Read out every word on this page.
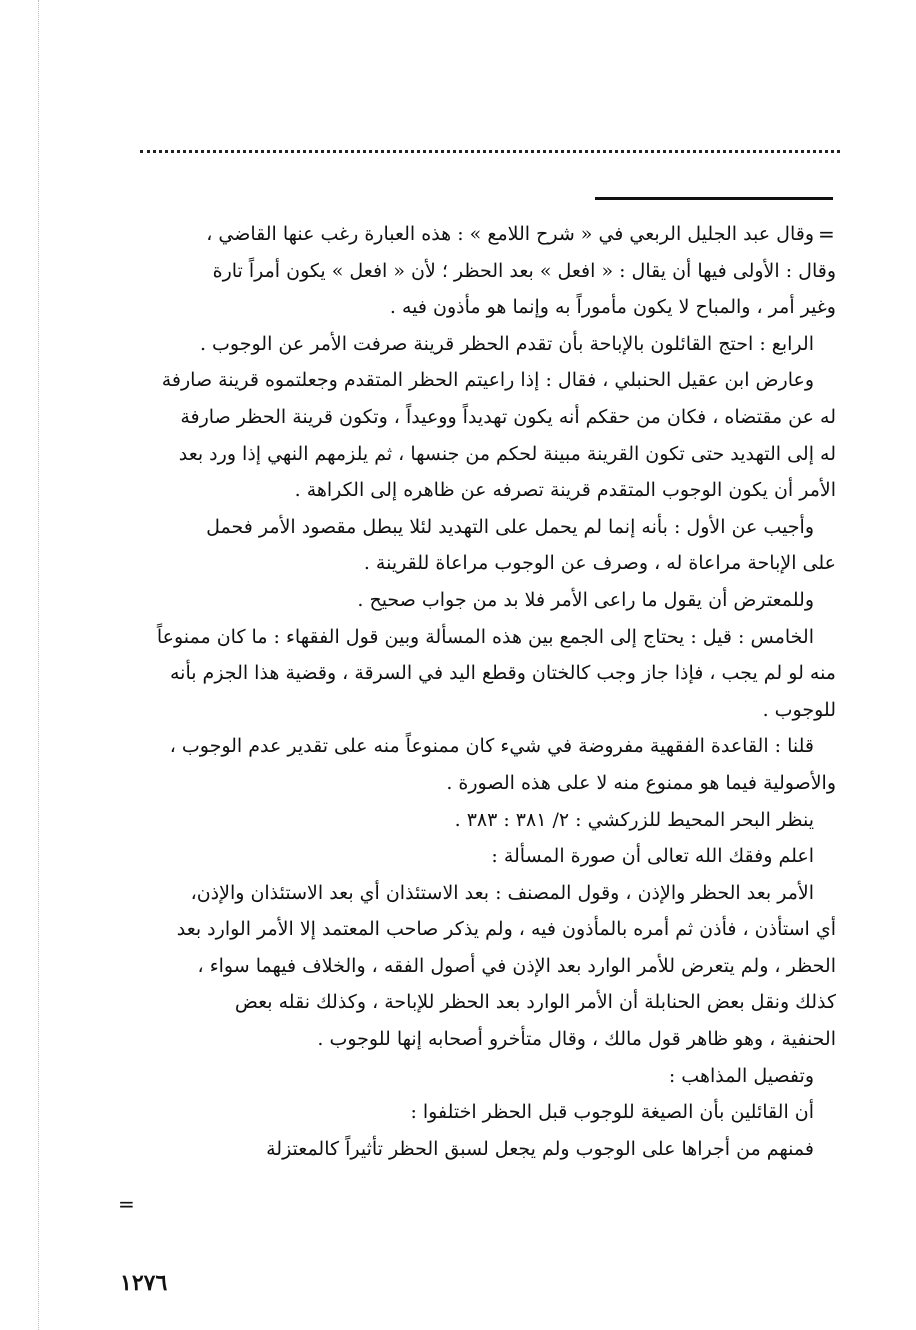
=
وقال عبد الجليل الربعي في « شرح اللامع » : هذه العبارة رغب عنها القاضي ،
وقال : الأولى فيها أن يقال : « افعل » بعد الحظر ؛ لأن « افعل » يكون أمراً تارة
وغير أمر ، والمباح لا يكون مأموراً به وإنما هو مأذون فيه .
الرابع : احتج القائلون بالإباحة بأن تقدم الحظر قرينة صرفت الأمر عن الوجوب .
وعارض ابن عقيل الحنبلي ، فقال : إذا راعيتم الحظر المتقدم وجعلتموه قرينة صارفة
له عن مقتضاه ، فكان من حقكم أنه يكون تهديداً ووعيداً ، وتكون قرينة الحظر صارفة
له إلى التهديد حتى تكون القرينة مبينة لحكم من جنسها ، ثم يلزمهم النهي إذا ورد بعد
الأمر أن يكون الوجوب المتقدم قرينة تصرفه عن ظاهره إلى الكراهة .
وأجيب عن الأول : بأنه إنما لم يحمل على التهديد لئلا يبطل مقصود الأمر فحمل
على الإباحة مراعاة له ، وصرف عن الوجوب مراعاة للقرينة .
وللمعترض أن يقول ما راعى الأمر فلا بد من جواب صحيح .
الخامس : قيل : يحتاج إلى الجمع بين هذه المسألة وبين قول الفقهاء : ما كان ممنوعاً
منه لو لم يجب ، فإذا جاز وجب كالختان وقطع اليد في السرقة ، وقضية هذا الجزم بأنه
للوجوب .
قلنا : القاعدة الفقهية مفروضة في شيء كان ممنوعاً منه على تقدير عدم الوجوب ،
والأصولية فيما هو ممنوع منه لا على هذه الصورة .
ينظر البحر المحيط للزركشي : ٢/ ٣٨١ : ٣٨٣ .
اعلم وفقك الله تعالى أن صورة المسألة :
الأمر بعد الحظر والإذن ، وقول المصنف : بعد الاستئذان أي بعد الاستئذان والإذن،
أي استأذن ، فأذن ثم أمره بالمأذون فيه ، ولم يذكر صاحب المعتمد إلا الأمر الوارد بعد
الحظر ، ولم يتعرض للأمر الوارد بعد الإذن في أصول الفقه ، والخلاف فيهما سواء ،
كذلك ونقل بعض الحنابلة أن الأمر الوارد بعد الحظر للإباحة ، وكذلك نقله بعض
الحنفية ، وهو ظاهر قول مالك ، وقال متأخرو أصحابه إنها للوجوب .
وتفصيل المذاهب :
أن القائلين بأن الصيغة للوجوب قبل الحظر اختلفوا :
فمنهم من أجراها على الوجوب ولم يجعل لسبق الحظر تأثيراً كالمعتزلة
=
١٢٧٦
